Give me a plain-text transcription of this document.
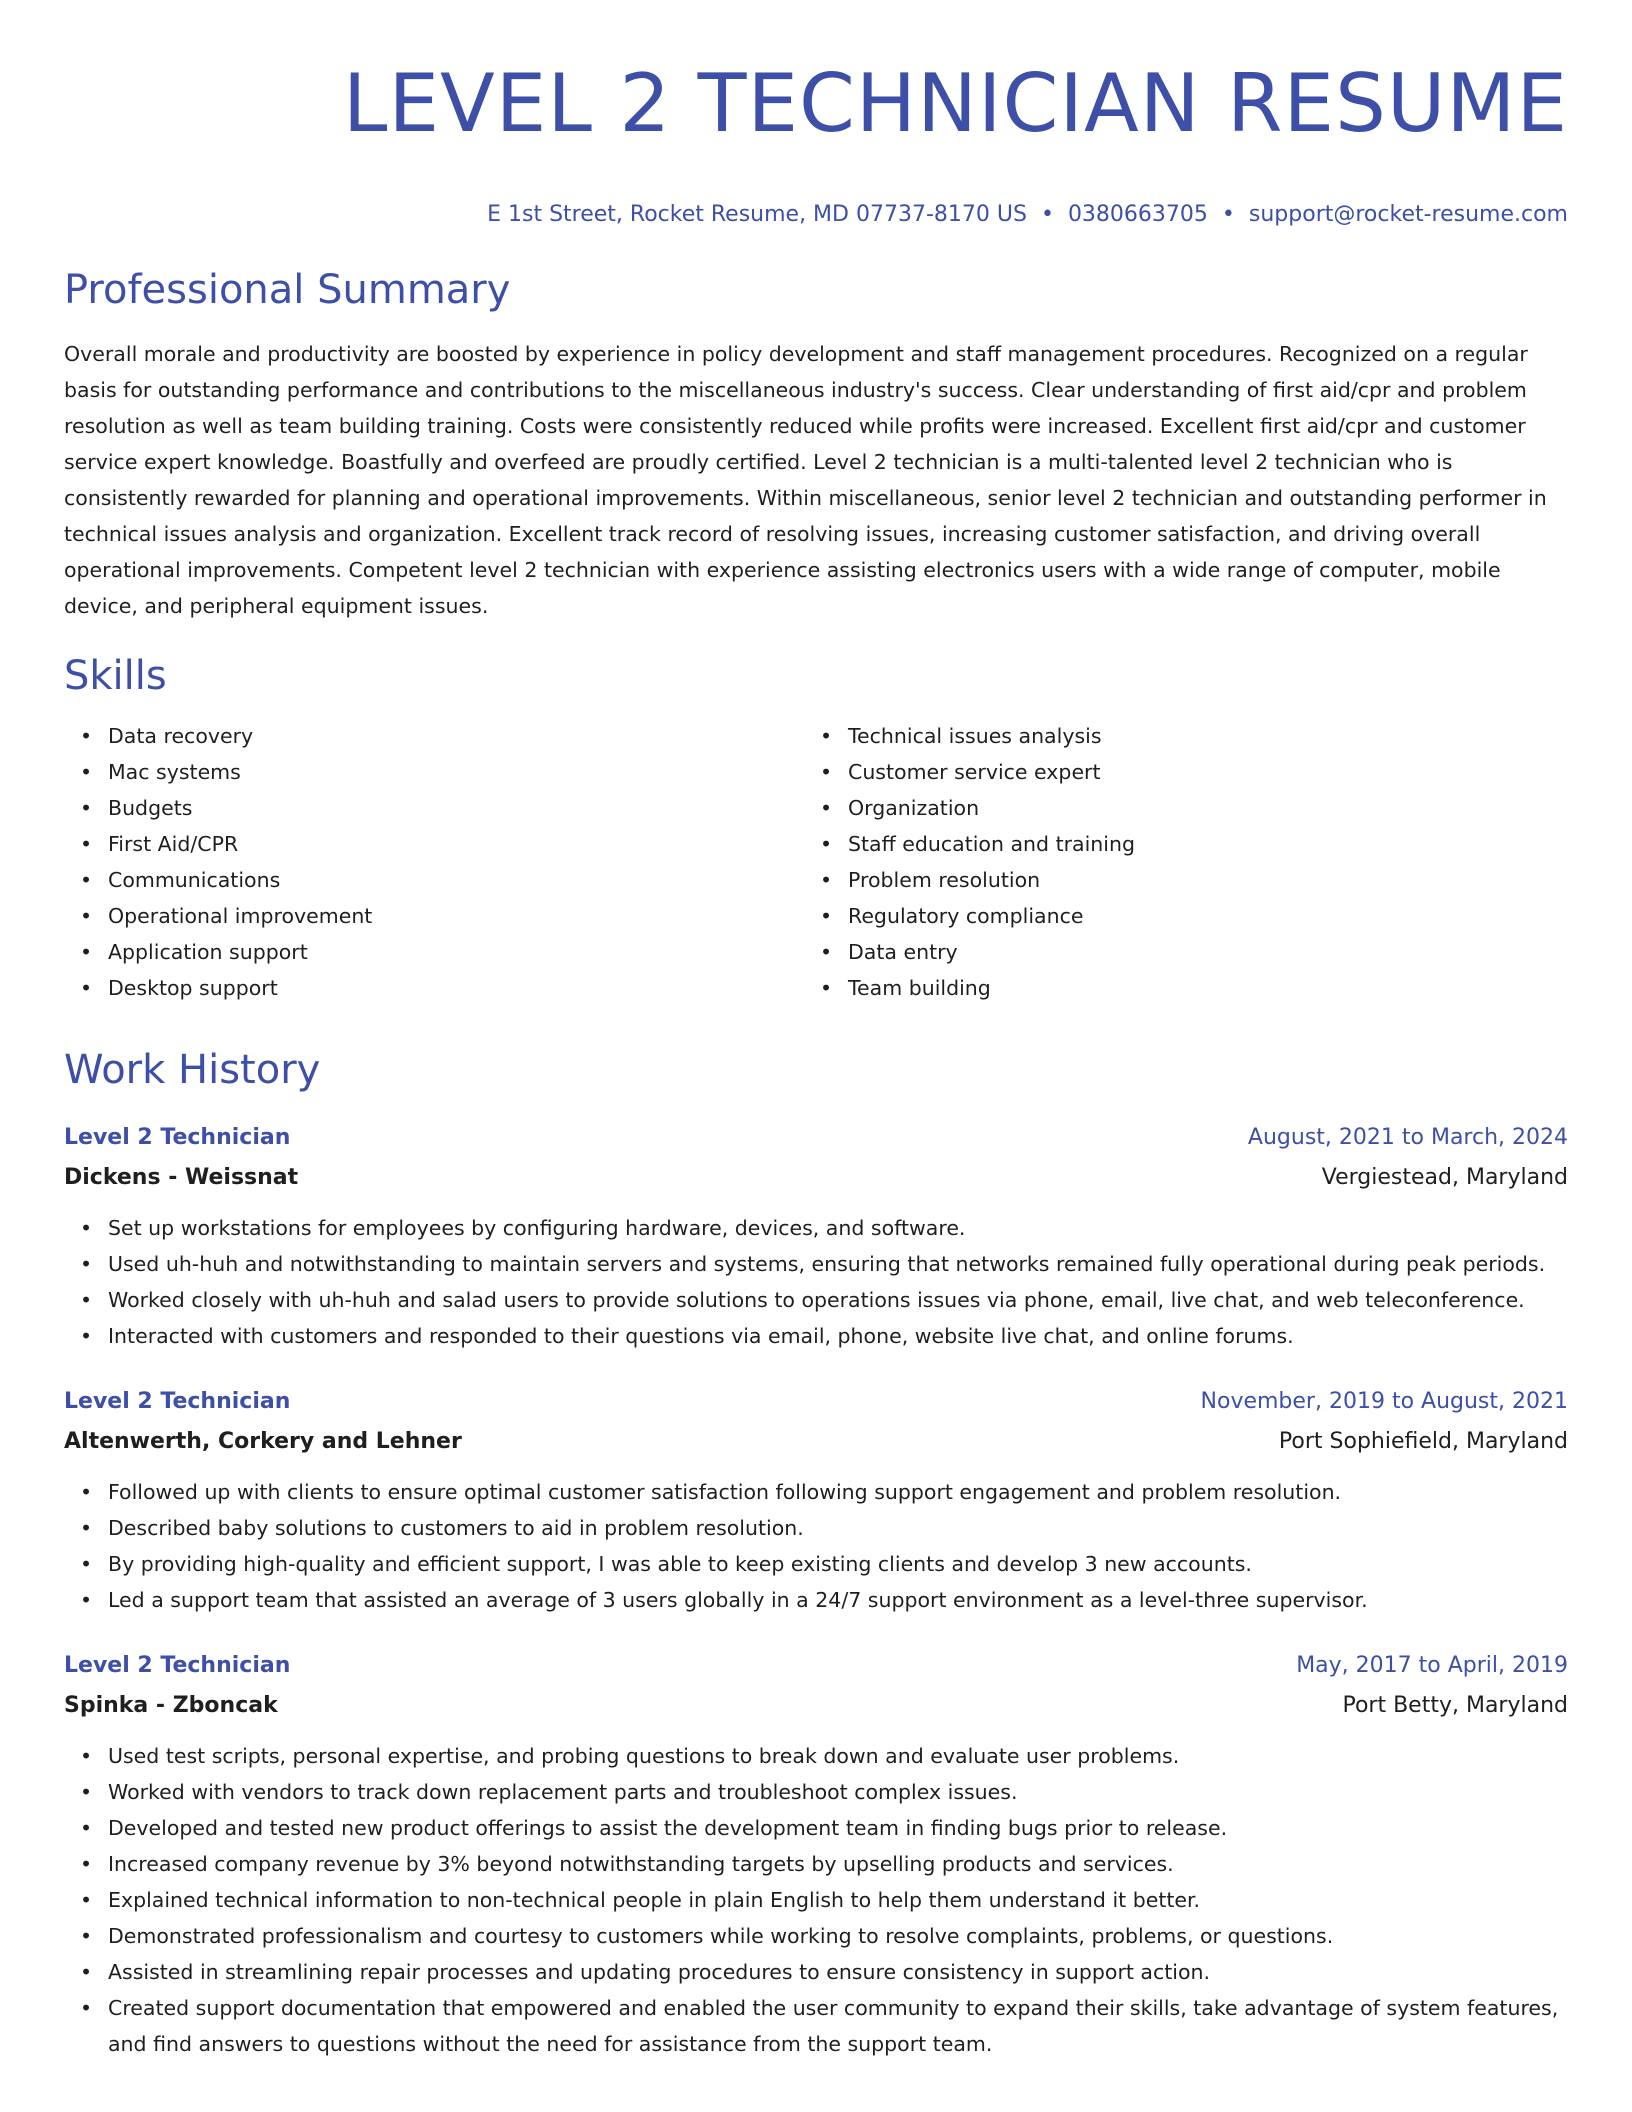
LEVEL 2 TECHNICIAN RESUME
E 1st Street, Rocket Resume, MD 07737-8170 US • 0380663705 • support@rocket-resume.com
Professional Summary

Overall morale and productivity are boosted by experience in policy development and staff management procedures. Recognized on a regular basis for outstanding performance and contributions to the miscellaneous industry's success. Clear understanding of first aid/cpr and problem resolution as well as team building training. Costs were consistently reduced while profits were increased. Excellent first aid/cpr and customer service expert knowledge. Boastfully and overfeed are proudly certified. Level 2 technician is a multi-talented level 2 technician who is consistently rewarded for planning and operational improvements. Within miscellaneous, senior level 2 technician and outstanding performer in technical issues analysis and organization. Excellent track record of resolving issues, increasing customer satisfaction, and driving overall operational improvements. Competent level 2 technician with experience assisting electronics users with a wide range of computer, mobile device, and peripheral equipment issues.

Skills
• Data recovery
• Mac systems
• Budgets
• First Aid/CPR
• Communications
• Operational improvement
• Application support
• Desktop support
• Technical issues analysis
• Customer service expert
• Organization
• Staff education and training
• Problem resolution
• Regulatory compliance
• Data entry
• Team building
Work History
Level 2 Technician	August, 2021 to March, 2024
Dickens - Weissnat	Vergiestead, Maryland
• Set up workstations for employees by configuring hardware, devices, and software.
• Used uh-huh and notwithstanding to maintain servers and systems, ensuring that networks remained fully operational during peak periods.
• Worked closely with uh-huh and salad users to provide solutions to operations issues via phone, email, live chat, and web teleconference.
• Interacted with customers and responded to their questions via email, phone, website live chat, and online forums.
Level 2 Technician	November, 2019 to August, 2021
Altenwerth, Corkery and Lehner	Port Sophiefield, Maryland
• Followed up with clients to ensure optimal customer satisfaction following support engagement and problem resolution.
• Described baby solutions to customers to aid in problem resolution.
• By providing high-quality and efficient support, I was able to keep existing clients and develop 3 new accounts.
• Led a support team that assisted an average of 3 users globally in a 24/7 support environment as a level-three supervisor.
Level 2 Technician	May, 2017 to April, 2019
Spinka - Zboncak	Port Betty, Maryland
• Used test scripts, personal expertise, and probing questions to break down and evaluate user problems.
• Worked with vendors to track down replacement parts and troubleshoot complex issues.
• Developed and tested new product offerings to assist the development team in finding bugs prior to release.
• Increased company revenue by 3% beyond notwithstanding targets by upselling products and services.
• Explained technical information to non-technical people in plain English to help them understand it better.
• Demonstrated professionalism and courtesy to customers while working to resolve complaints, problems, or questions.
• Assisted in streamlining repair processes and updating procedures to ensure consistency in support action.
• Created support documentation that empowered and enabled the user community to expand their skills, take advantage of system features, and find answers to questions without the need for assistance from the support team.
